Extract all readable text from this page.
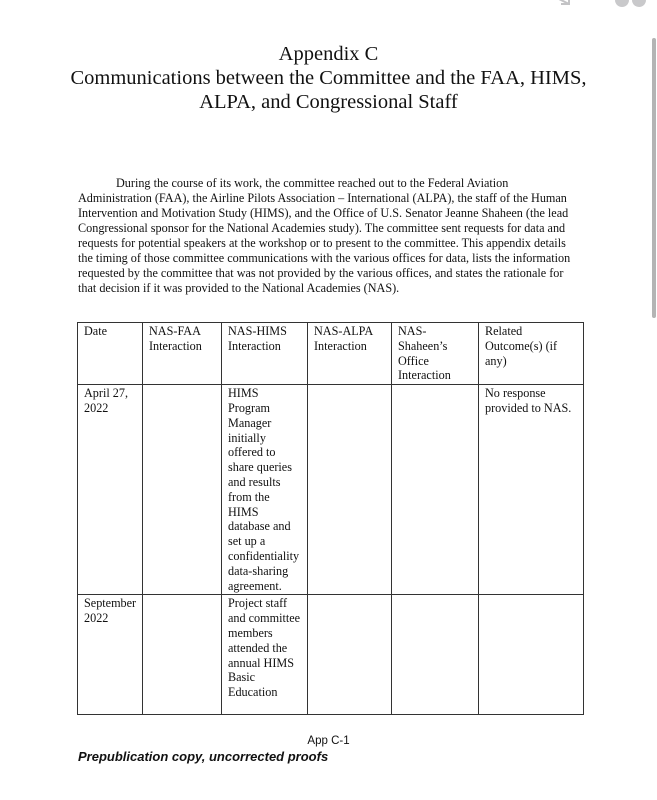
Appendix C

Communications between the Committee and the FAA, HIMS,

ALPA, and Congressional Staff

During the course of its work, the committee reached out to the Federal Aviation Administration (FAA), the Airline Pilots Association – International (ALPA), the staff of the Human Intervention and Motivation Study (HIMS), and the Office of U.S. Senator Jeanne Shaheen (the lead Congressional sponsor for the National Academies study). The committee sent requests for data and requests for potential speakers at the workshop or to present to the committee. This appendix details the timing of those committee communications with the various offices for data, lists the information requested by the committee that was not provided by the various offices, and states the rationale for that decision if it was provided to the National Academies (NAS).

Date	NAS-FAA Interaction	NAS-HIMS Interaction	NAS-ALPA Interaction	NAS-Shaheen’s Office Interaction	Related Outcome(s) (if any)
April 27, 2022		HIMS Program Manager initially offered to share queries and results from the HIMS database and set up a confidentiality data-sharing agreement.			No response provided to NAS.
September 2022		Project staff and committee members attended the annual HIMS Basic Education			
App C-1
Prepublication copy, uncorrected proofs
